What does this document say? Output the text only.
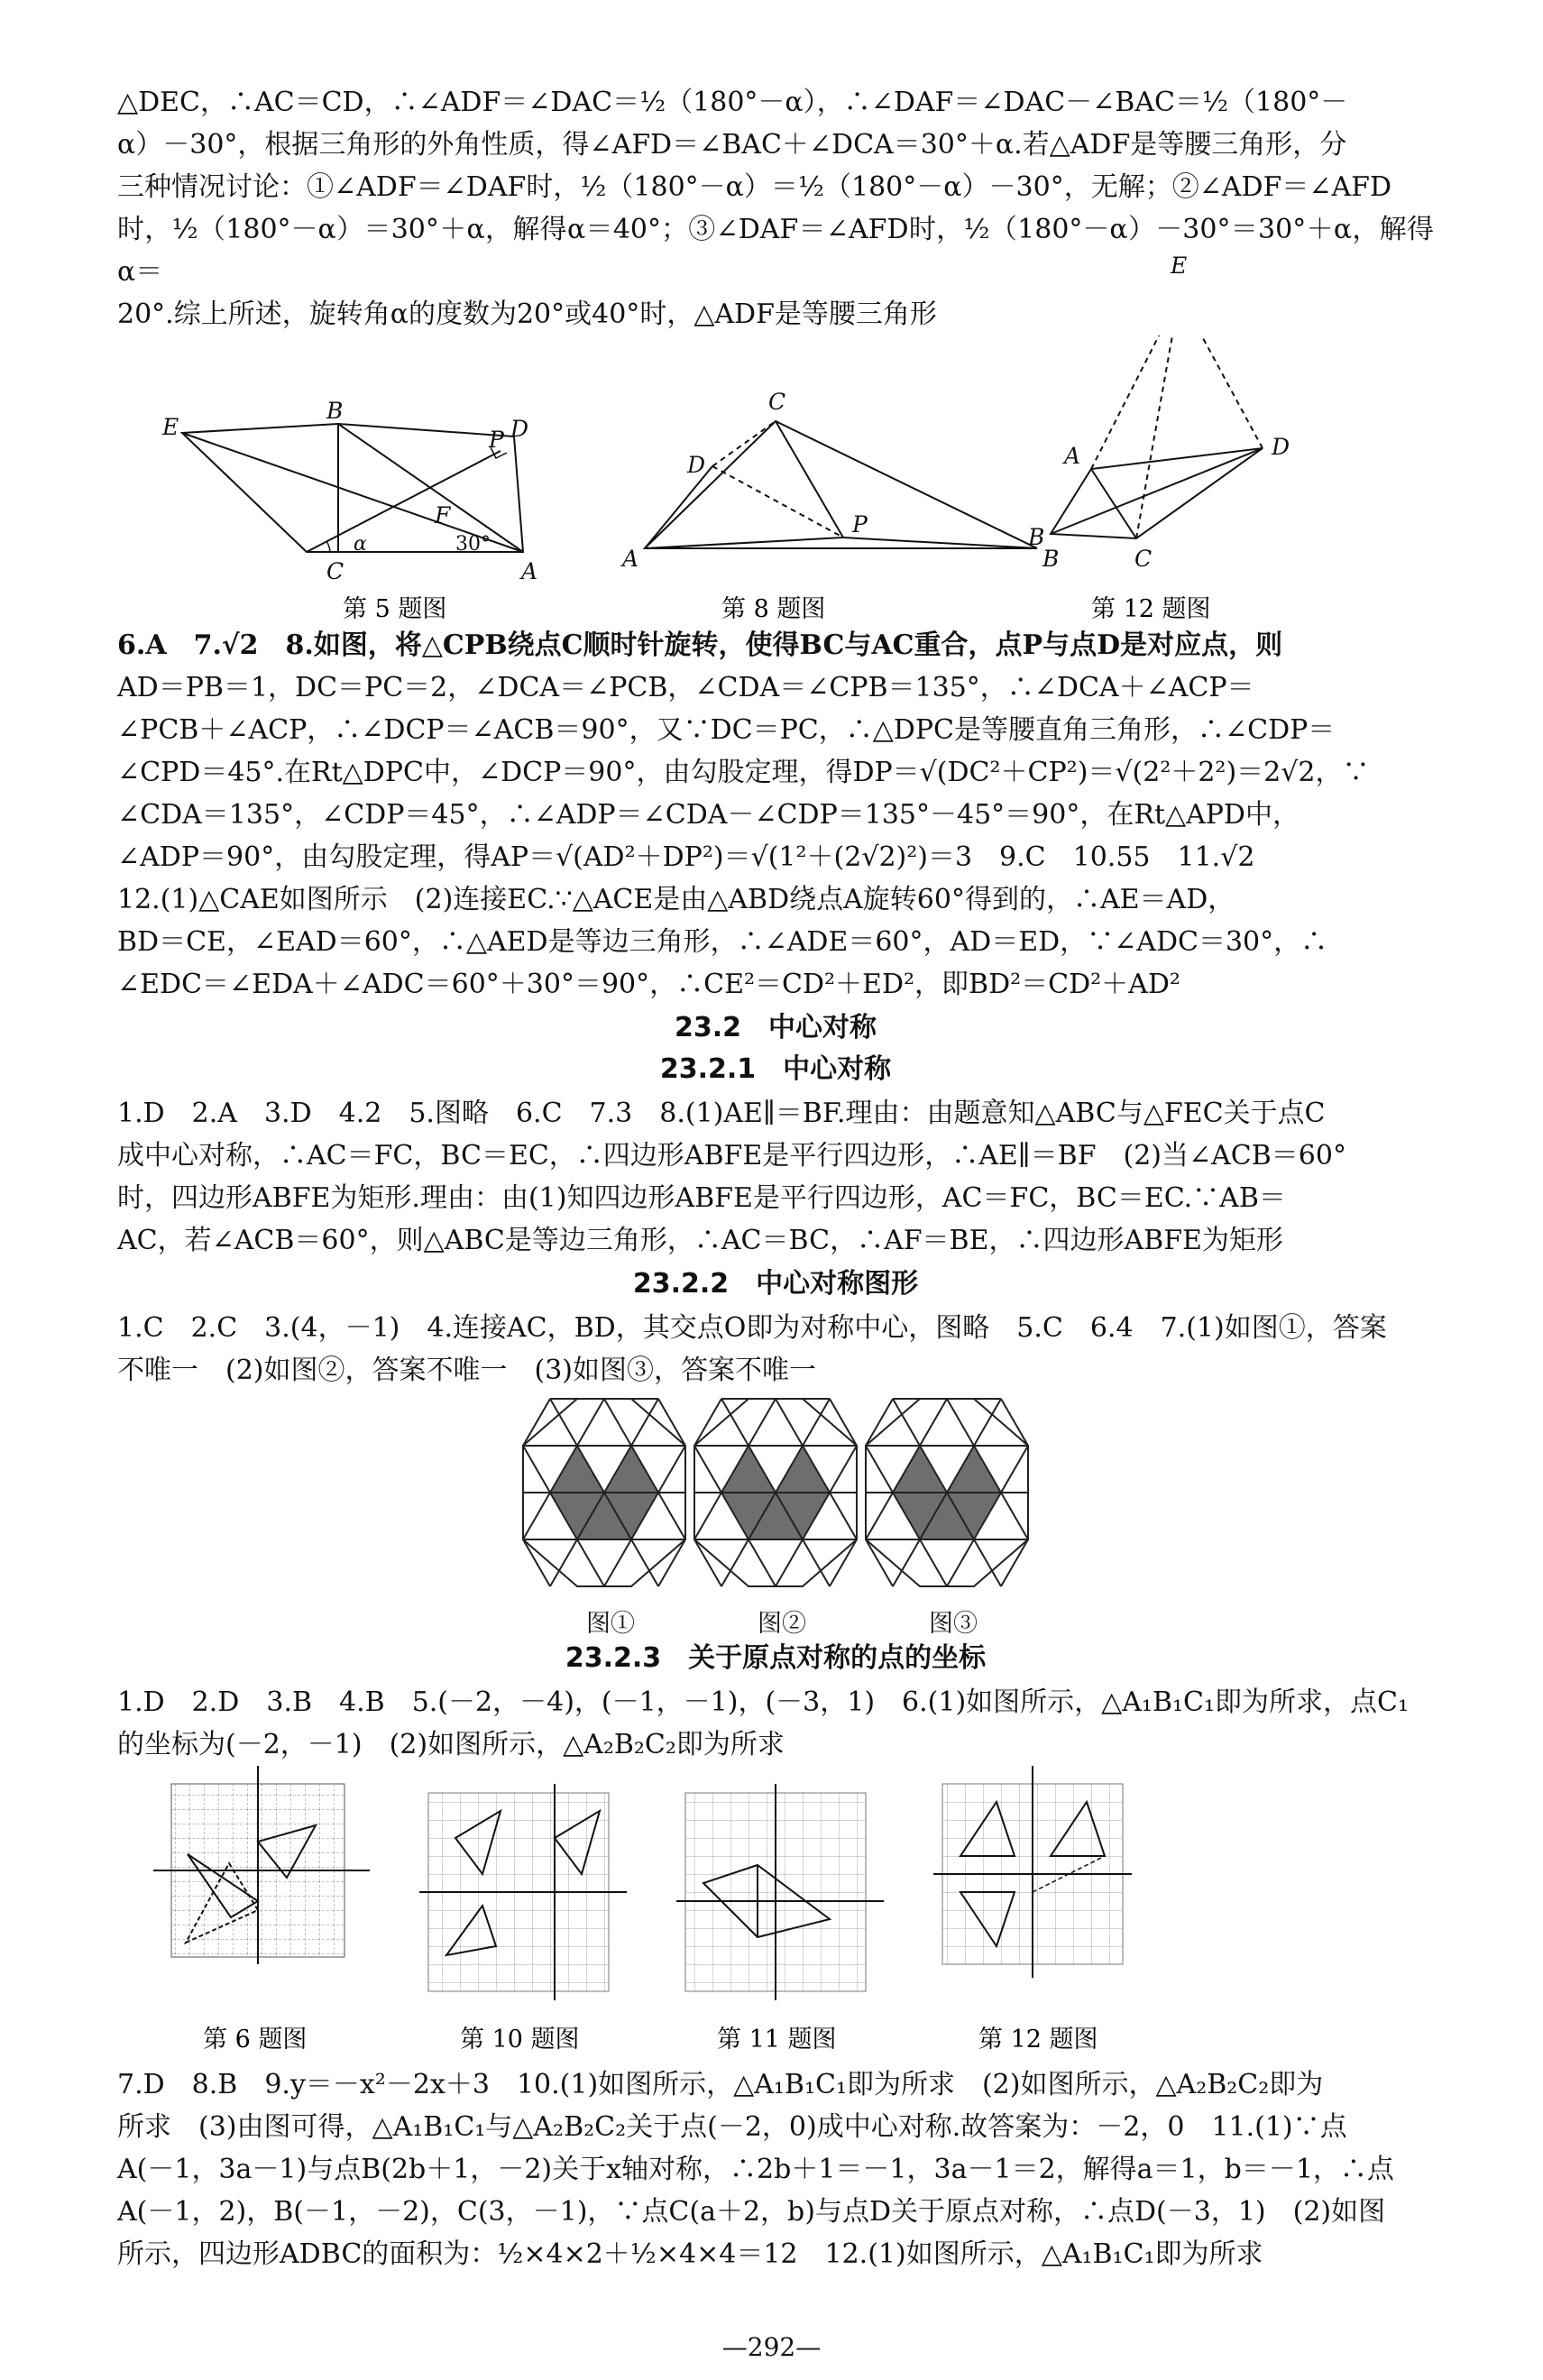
△DEC，∴AC＝CD，∴∠ADF＝∠DAC＝½（180°－α），∴∠DAF＝∠DAC－∠BAC＝½（180°－

α）－30°，根据三角形的外角性质，得∠AFD＝∠BAC＋∠DCA＝30°＋α.若△ADF是等腰三角形，分

三种情况讨论：①∠ADF＝∠DAF时，½（180°－α）＝½（180°－α）－30°，无解；②∠ADF＝∠AFD

时，½（180°－α）＝30°＋α，解得α＝40°；③∠DAF＝∠AFD时，½（180°－α）－30°＝30°＋α，解得α＝

20°.综上所述，旋转角α的度数为20°或40°时，△ADF是等腰三角形

E
B
P D
F
C	A
α	30°
第 5 题图
C
D
P
A	B
第 8 题图
A	D
B
C
第 12 题图
E

6.A　7.√2　8.如图，将△CPB绕点C顺时针旋转，使得BC与AC重合，点P与点D是对应点，则

AD＝PB＝1，DC＝PC＝2，∠DCA＝∠PCB，∠CDA＝∠CPB＝135°，∴∠DCA＋∠ACP＝

∠PCB＋∠ACP，∴∠DCP＝∠ACB＝90°，又∵DC＝PC，∴△DPC是等腰直角三角形，∴∠CDP＝

∠CPD＝45°.在Rt△DPC中，∠DCP＝90°，由勾股定理，得DP＝√(DC²＋CP²)＝√(2²＋2²)＝2√2，∵

∠CDA＝135°，∠CDP＝45°，∴∠ADP＝∠CDA－∠CDP＝135°－45°＝90°，在Rt△APD中，

∠ADP＝90°，由勾股定理，得AP＝√(AD²＋DP²)＝√(1²＋(2√2)²)＝3　9.C　10.55　11.√2

12.(1)△CAE如图所示　(2)连接EC.∵△ACE是由△ABD绕点A旋转60°得到的，∴AE＝AD，

BD＝CE，∠EAD＝60°，∴△AED是等边三角形，∴∠ADE＝60°，AD＝ED，∵∠ADC＝30°，∴

∠EDC＝∠EDA＋∠ADC＝60°＋30°＝90°，∴CE²＝CD²＋ED²，即BD²＝CD²＋AD²

23.2　中心对称
23.2.1　中心对称

1.D　2.A　3.D　4.2　5.图略　6.C　7.3　8.(1)AE∥＝BF.理由：由题意知△ABC与△FEC关于点C

成中心对称，∴AC＝FC，BC＝EC，∴四边形ABFE是平行四边形，∴AE∥＝BF　(2)当∠ACB＝60°

时，四边形ABFE为矩形.理由：由(1)知四边形ABFE是平行四边形，AC＝FC，BC＝EC.∵AB＝

AC，若∠ACB＝60°，则△ABC是等边三角形，∴AC＝BC，∴AF＝BE，∴四边形ABFE为矩形

23.2.2　中心对称图形

1.C　2.C　3.(4，－1)　4.连接AC，BD，其交点O即为对称中心，图略　5.C　6.4　7.(1)如图①，答案

不唯一　(2)如图②，答案不唯一　(3)如图③，答案不唯一

图①	图②	图③
23.2.3　关于原点对称的点的坐标

1.D　2.D　3.B　4.B　5.(－2，－4)，(－1，－1)，(－3，1)　6.(1)如图所示，△A₁B₁C₁即为所求，点C₁

的坐标为(－2，－1)　(2)如图所示，△A₂B₂C₂即为所求

第 6 题图	第 10 题图	第 11 题图	第 12 题图

7.D　8.B　9.y＝－x²－2x＋3　10.(1)如图所示，△A₁B₁C₁即为所求　(2)如图所示，△A₂B₂C₂即为

所求　(3)由图可得，△A₁B₁C₁与△A₂B₂C₂关于点(－2，0)成中心对称.故答案为：－2，0　11.(1)∵点

A(－1，3a－1)与点B(2b＋1，－2)关于x轴对称，∴2b＋1＝－1，3a－1＝2，解得a＝1，b＝－1，∴点

A(－1，2)，B(－1，－2)，C(3，－1)，∵点C(a＋2，b)与点D关于原点对称，∴点D(－3，1)　(2)如图

所示，四边形ADBC的面积为：½×4×2＋½×4×4＝12　12.(1)如图所示，△A₁B₁C₁即为所求

—292—
